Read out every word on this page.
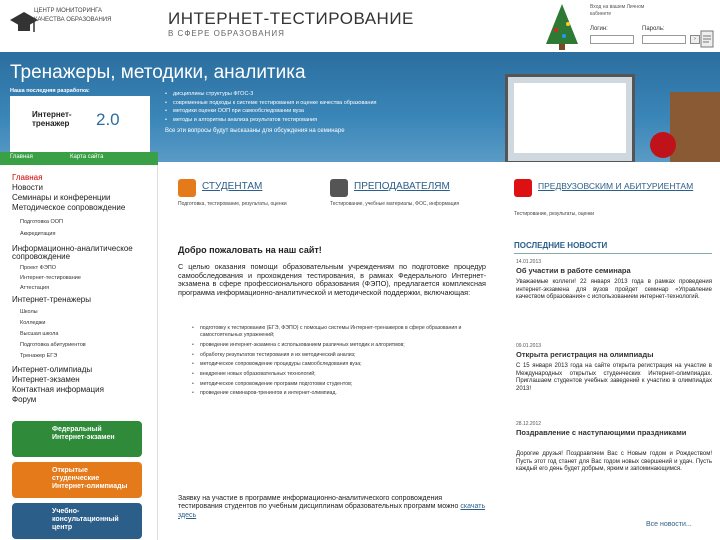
ЦЕНТР МОНИТОРИНГА
КАЧЕСТВА ОБРАЗОВАНИЯ	ИНТЕРНЕТ-ТЕСТИРОВАНИЕ
В СФЕРЕ ОБРАЗОВАНИЯ
Вход на вашем Личном кабинете
Логин:	Пароль:
›
Тренажеры, методики, аналитика
Наша последняя разработка:
Интернет-
тренажер 2.0
• дисциплины структуры ФГОС-3
• современные подходы к системе тестирования и оценке качества образования
• методики оценки ООП при самообследовании вуза
• методы и алгоритмы анализа результатов тестирования
Все эти вопросы будут высказаны для обсуждения на семинаре
Главная	Карта сайта
Главная
Новости
Семинары и конференции
Методическое сопровождение
Подготовка ООП
Аккредитация
Информационно-аналитическое сопровождение
Проект ФЭПО
Интернет-тестирование
Аттестация
Интернет-тренажеры
Школы
Колледжи
Высшая школа
Подготовка абитуриентов
Тренажер ЕГЭ
Интернет-олимпиады
Интернет-экзамен
Контактная информация
Форум
Федеральный
Интернет-экзамен
Открытые
студенческие
Интернет-олимпиады
Учебно-
консультационный
центр
СТУДЕНТАМ
Подготовка, тестирование, результаты, оценки
ПРЕПОДАВАТЕЛЯМ
Тестирование, учебные материалы, ФОС, информация
Добро пожаловать на наш сайт!
С целью оказания помощи образовательным учреждениям по подготовке процедур самообследования и прохождения тестирования, в рамках Федерального Интернет-экзамена в сфере профессионального образования (ФЭПО), предлагается комплексная программа информационно-аналитической и методической поддержки, включающая:
• подготовку к тестированию (ЕГЭ, ФЭПО) с помощью системы Интернет-тренажеров в сфере образования и самостоятельных упражнений;
• проведение интернет-экзамена с использованием различных методик и алгоритмов;
• обработку результатов тестирования и их методический анализ;
• методическое сопровождение процедуры самообследования вуза;
• внедрение новых образовательных технологий;
• методическое сопровождение программ подготовки студентов;
• проведение семинаров-тренингов и интернет-олимпиад.
Заявку на участие в программе информационно-аналитического сопровождения тестирования студентов по учебным дисциплинам образовательных программ можно скачать здесь
ПРЕДВУЗОВСКИМ И АБИТУРИЕНТАМ
Тестирование, результаты, оценки
ПОСЛЕДНИЕ НОВОСТИ
14.01.2013
Об участии в работе семинара
Уважаемые коллеги! 22 января 2013 года в рамках проведения интернет-экзамена для вузов пройдет семинар «Управление качеством образования» с использованием интернет-технологий.
09.01.2013
Открыта регистрация на олимпиады
С 15 января 2013 года на сайте открыта регистрация на участие в Международных открытых студенческих Интернет-олимпиадах. Приглашаем студентов учебных заведений к участию в олимпиадах 2013!
28.12.2012
Поздравление с наступающими праздниками
Дорогие друзья! Поздравляем Вас с Новым годом и Рождеством! Пусть этот год станет для Вас годом новых свершений и удач. Пусть каждый его день будет добрым, ярким и запоминающимся.
Все новости...
